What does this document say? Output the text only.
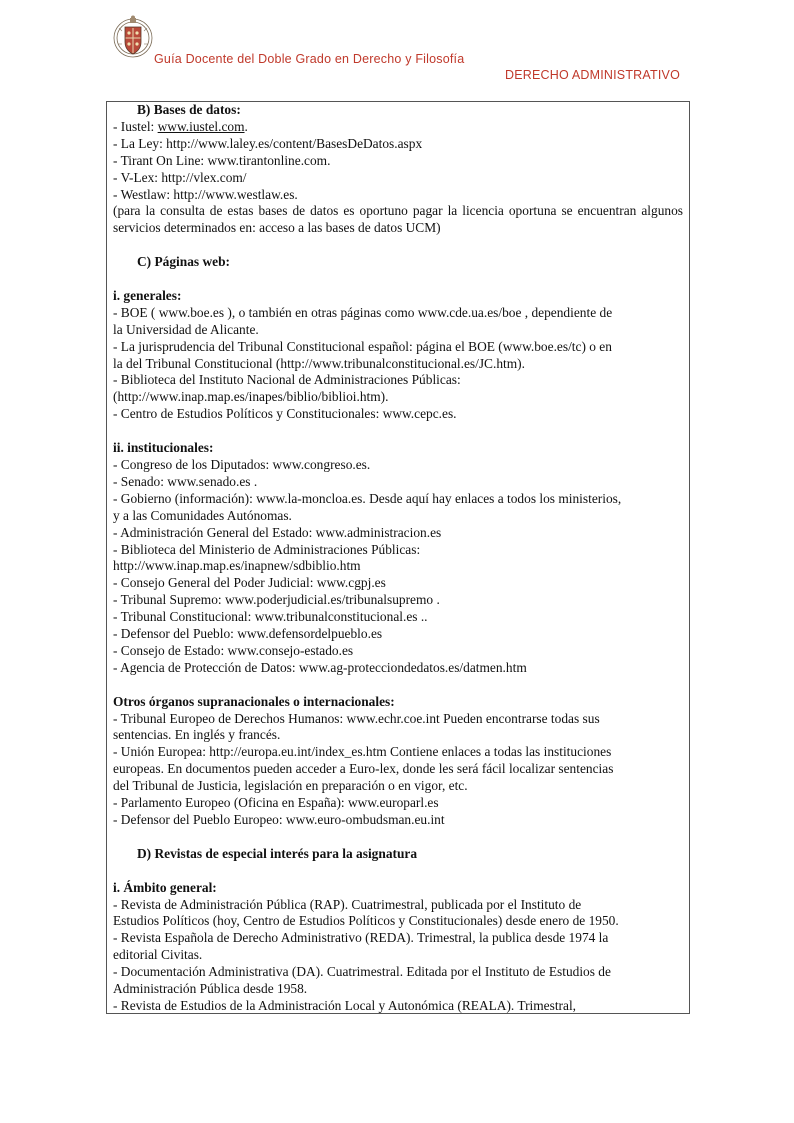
Guía Docente del Doble Grado en Derecho y Filosofía
DERECHO ADMINISTRATIVO

B) Bases de datos:

- Iustel: www.iustel.com.

- La Ley: http://www.laley.es/content/BasesDeDatos.aspx

- Tirant On Line: www.tirantonline.com.

- V-Lex: http://vlex.com/

- Westlaw: http://www.westlaw.es.

(para la consulta de estas bases de datos es oportuno pagar la licencia oportuna se encuentran algunos servicios determinados en: acceso a las bases de datos UCM)

C) Páginas web:

i. generales:

- BOE ( www.boe.es ), o también en otras páginas como www.cde.ua.es/boe , dependiente de

la Universidad de Alicante.

- La jurisprudencia del Tribunal Constitucional español: página el BOE (www.boe.es/tc) o en

la del Tribunal Constitucional (http://www.tribunalconstitucional.es/JC.htm).

- Biblioteca del Instituto Nacional de Administraciones Públicas:

(http://www.inap.map.es/inapes/biblio/biblioi.htm).

- Centro de Estudios Políticos y Constitucionales: www.cepc.es.

ii. institucionales:

- Congreso de los Diputados: www.congreso.es.

- Senado: www.senado.es .

- Gobierno (información): www.la-moncloa.es. Desde aquí hay enlaces a todos los ministerios,

y a las Comunidades Autónomas.

- Administración General del Estado: www.administracion.es

- Biblioteca del Ministerio de Administraciones Públicas:

http://www.inap.map.es/inapnew/sdbiblio.htm

- Consejo General del Poder Judicial: www.cgpj.es

- Tribunal Supremo: www.poderjudicial.es/tribunalsupremo .

- Tribunal Constitucional: www.tribunalconstitucional.es ..

- Defensor del Pueblo: www.defensordelpueblo.es

- Consejo de Estado: www.consejo-estado.es

- Agencia de Protección de Datos: www.ag-protecciondedatos.es/datmen.htm

Otros órganos supranacionales o internacionales:

- Tribunal Europeo de Derechos Humanos: www.echr.coe.int Pueden encontrarse todas sus

sentencias. En inglés y francés.

- Unión Europea: http://europa.eu.int/index_es.htm Contiene enlaces a todas las instituciones

europeas. En documentos pueden acceder a Euro-lex, donde les será fácil localizar sentencias

del Tribunal de Justicia, legislación en preparación o en vigor, etc.

- Parlamento Europeo (Oficina en España): www.europarl.es

- Defensor del Pueblo Europeo: www.euro-ombudsman.eu.int

D) Revistas de especial interés para la asignatura

i. Ámbito general:

- Revista de Administración Pública (RAP). Cuatrimestral, publicada por el Instituto de

Estudios Políticos (hoy, Centro de Estudios Políticos y Constitucionales) desde enero de 1950.

- Revista Española de Derecho Administrativo (REDA). Trimestral, la publica desde 1974 la

editorial Civitas.

- Documentación Administrativa (DA). Cuatrimestral. Editada por el Instituto de Estudios de

Administración Pública desde 1958.

- Revista de Estudios de la Administración Local y Autonómica (REALA). Trimestral,
